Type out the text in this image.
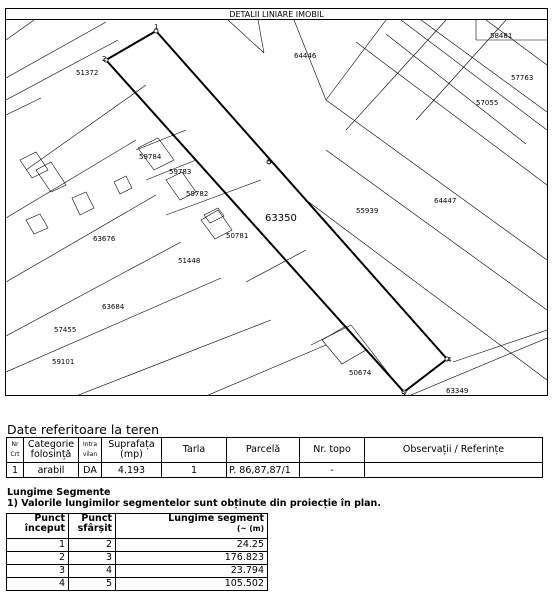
DETALII LINIARE IMOBIL
1
2
3
4
5
63350
58481
64446
51372
57763
57055
59784
59783
59782
55939
64447
50781
63676
51448
63684
57455
59101
50674
63349
Date referitoare la teren
Nr Crt	Categorie folosință	Intra vilan	Suprafața (mp)	Tarla	Parcelă	Nr. topo	Observații / Referințe
1	arabil	DA	4.193	1	P. 86,87,87/1	-	
Lungime Segmente
1) Valorile lungimilor segmentelor sunt obținute din proiecție în plan.
Punct început	Punct sfârșit	Lungime segment
(~ (m)

1	2	24.25
2	3	176.823
3	4	23.794
4	5	105.502
